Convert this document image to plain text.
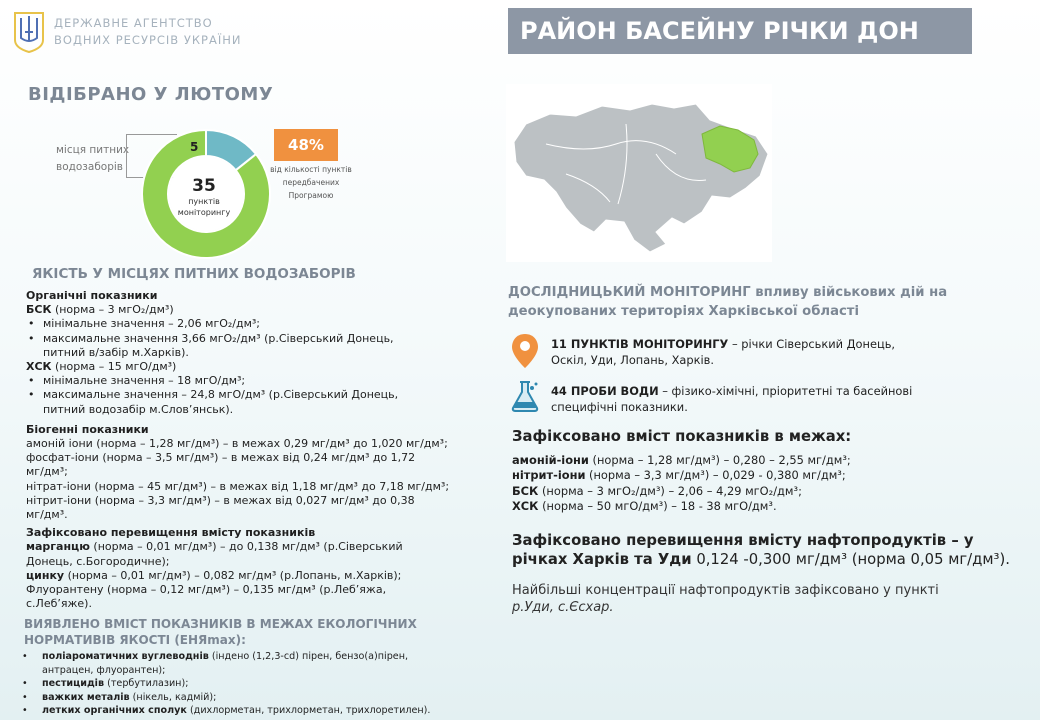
ДЕРЖАВНЕ АГЕНТСТВО
ВОДНИХ РЕСУРСІВ УКРАЇНИ	РАЙОН БАСЕЙНУ РІЧКИ ДОН
ВІДІБРАНО У ЛЮТОМУ
місця питних
водозаборів
5
35
пунктів
моніторингу
48%
від кількості пунктів
передбачених
Програмою
ЯКІСТЬ У МІСЦЯХ ПИТНИХ ВОДОЗАБОРІВ
Органічні показники
БСК (норма – 3 мгО₂/дм³)
• мінімальне значення – 2,06 мгО₂/дм³;
• максимальне значення 3,66 мгО₂/дм³ (р.Сіверський Донець,
питний в/забір м.Харків).
ХСК (норма – 15 мгО/дм³)
• мінімальне значення – 18 мгО/дм³;
• максимальне значення – 24,8 мгО/дм³ (р.Сіверський Донець,
питний водозабір м.Слов’янськ).
Біогенні показники
амоній іони (норма – 1,28 мг/дм³) – в межах 0,29 мг/дм³ до 1,020 мг/дм³;
фосфат-іони (норма – 3,5 мг/дм³) – в межах від 0,24 мг/дм³ до 1,72
мг/дм³;
нітрат-іони (норма – 45 мг/дм³) – в межах від 1,18 мг/дм³ до 7,18 мг/дм³;
нітрит-іони (норма – 3,3 мг/дм³) – в межах від 0,027 мг/дм³ до 0,38
мг/дм³.
Зафіксовано перевищення вмісту показників
марганцю (норма – 0,01 мг/дм³) – до 0,138 мг/дм³ (р.Сіверський
Донець, с.Богородичне);
цинку (норма – 0,01 мг/дм³) – 0,082 мг/дм³ (р.Лопань, м.Харків);
Флуорантену (норма – 0,12 мг/дм³) – 0,135 мг/дм³ (р.Леб’яжа,
с.Леб’яже).
ВИЯВЛЕНО ВМІСТ ПОКАЗНИКІВ В МЕЖАХ ЕКОЛОГІЧНИХ
НОРМАТИВІВ ЯКОСТІ (ЕНЯmax):
• поліароматичних вуглеводнів (індено (1,2,3-cd) пірен, бензо(а)пірен,
антрацен, флуорантен);
• пестицидів (тербутилазин);
• важких металів (нікель, кадмій);
• летких органічних сполук (дихлорметан, трихлорметан, трихлоретилен).
ДОСЛІДНИЦЬКИЙ МОНІТОРИНГ впливу військових дій на деокупованих територіях Харківської області
11 ПУНКТІВ МОНІТОРИНГУ – річки Сіверський Донець,
Оскіл, Уди, Лопань, Харків.
44 ПРОБИ ВОДИ – фізико-хімічні, пріоритетні та басейнові
специфічні показники.
Зафіксовано вміст показників в межах:
амоній-іони (норма – 1,28 мг/дм³) – 0,280 – 2,55 мг/дм³;
нітрит-іони (норма – 3,3 мг/дм³) – 0,029 - 0,380 мг/дм³;
БСК (норма – 3 мгО₂/дм³) – 2,06 – 4,29 мгО₂/дм³;
ХСК (норма – 50 мгО/дм³) – 18 - 38 мгО/дм³.
Зафіксовано перевищення вмісту нафтопродуктів – у
річках Харків та Уди 0,124 -0,300 мг/дм³ (норма 0,05 мг/дм³).
Найбільші концентрації нафтопродуктів зафіксовано у пункті
р.Уди, с.Єсхар.
